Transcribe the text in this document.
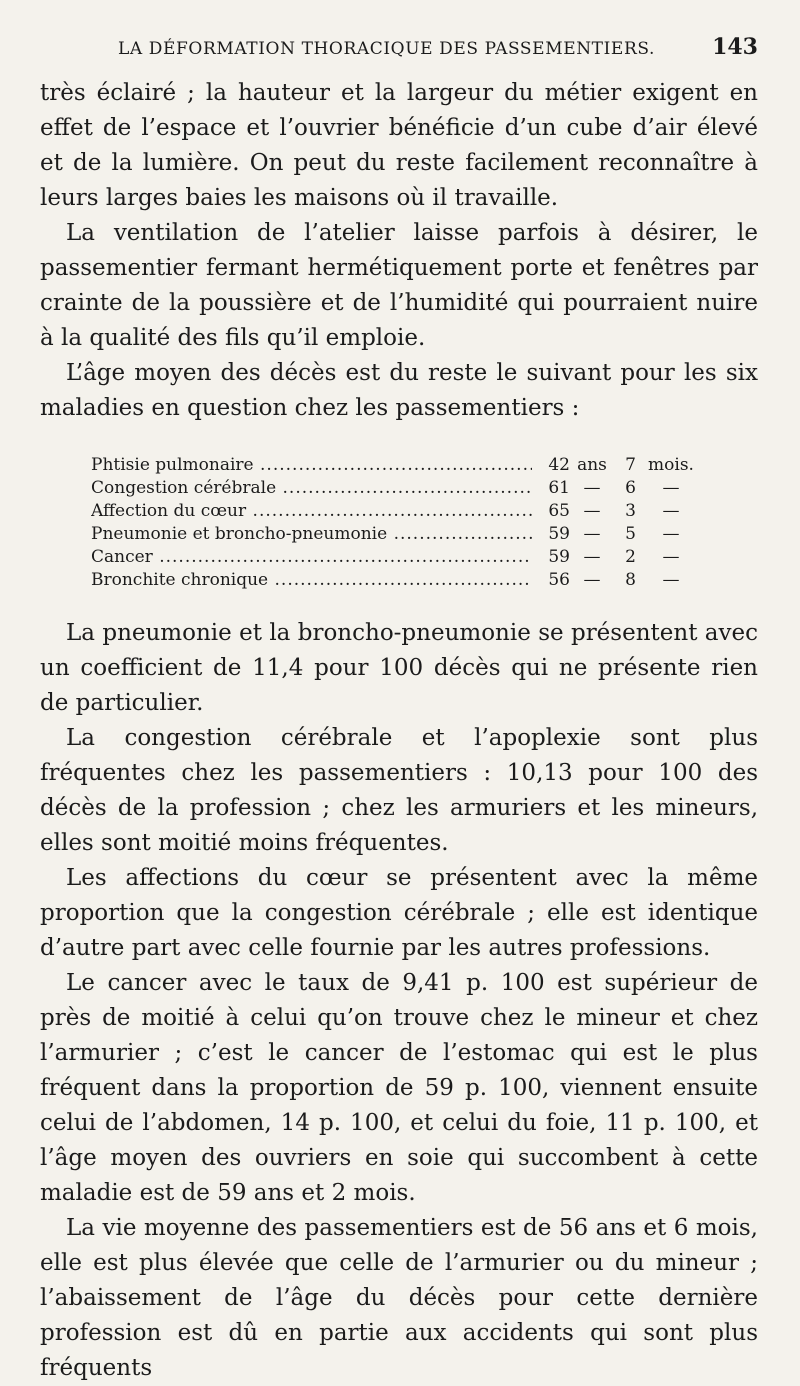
LA DÉFORMATION THORACIQUE DES PASSEMENTIERS.	143

très éclairé ; la hauteur et la largeur du métier exigent en effet de l’espace et l’ouvrier bénéficie d’un cube d’air élevé et de la lumière. On peut du reste facilement reconnaître à leurs larges baies les maisons où il travaille.

La ventilation de l’atelier laisse parfois à désirer, le passementier fermant hermétiquement porte et fenêtres par crainte de la poussière et de l’humidité qui pourraient nuire à la qualité des fils qu’il emploie.

L’âge moyen des décès est du reste le suivant pour les six maladies en question chez les passementiers :

Phtisie pulmonaire .....	42 ans	7 mois.
Congestion cérébrale .....	61 —	6	—
Affection du cœur .....	65 —	3	—
Pneumonie et broncho-pneumonie .....	59 —	5	—
Cancer .....	59 —	2	—
Bronchite chronique .....	56 —	8	—

La pneumonie et la broncho-pneumonie se présentent avec un coefficient de 11,4 pour 100 décès qui ne présente rien de particulier.

La congestion cérébrale et l’apoplexie sont plus fréquentes chez les passementiers : 10,13 pour 100 des décès de la profession ; chez les armuriers et les mineurs, elles sont moitié moins fréquentes.

Les affections du cœur se présentent avec la même proportion que la congestion cérébrale ; elle est identique d’autre part avec celle fournie par les autres professions.

Le cancer avec le taux de 9,41 p. 100 est supérieur de près de moitié à celui qu’on trouve chez le mineur et chez l’armurier ; c’est le cancer de l’estomac qui est le plus fréquent dans la proportion de 59 p. 100, viennent ensuite celui de l’abdomen, 14 p. 100, et celui du foie, 11 p. 100, et l’âge moyen des ouvriers en soie qui succombent à cette maladie est de 59 ans et 2 mois.

La vie moyenne des passementiers est de 56 ans et 6 mois, elle est plus élevée que celle de l’armurier ou du mineur ; l’abaissement de l’âge du décès pour cette dernière profession est dû en partie aux accidents qui sont plus fréquents
